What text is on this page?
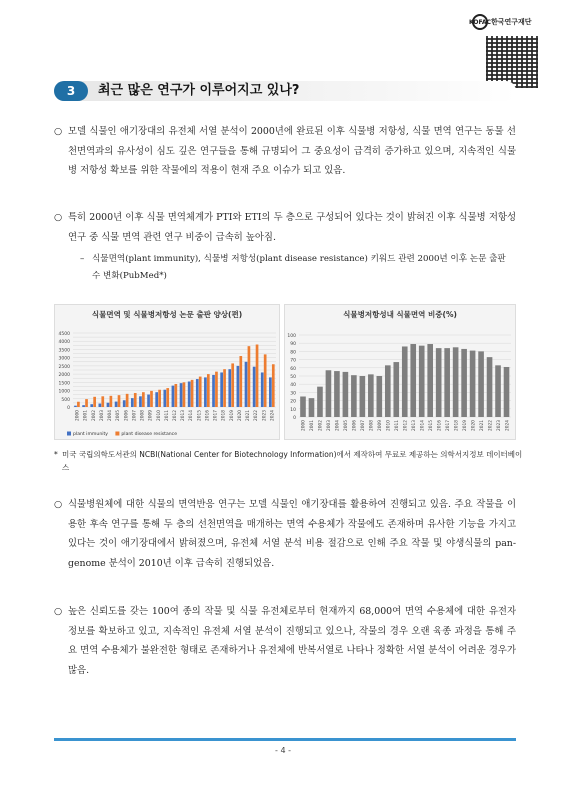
KOFAC 한국연구재단
3	최근 많은 연구가 이루어지고 있나?
○ 모델 식물인 애기장대의 유전체 서열 분석이 2000년에 완료된 이후 식물병 저항성, 식물 면역 연구는 동물 선천면역과의 유사성이 심도 깊은 연구들을 통해 규명되어 그 중요성이 급격히 증가하고 있으며, 지속적인 식물병 저항성 확보를 위한 작물에의 적용이 현재 주요 이슈가 되고 있음.
○ 특히 2000년 이후 식물 면역체계가 PTI와 ETI의 두 층으로 구성되어 있다는 것이 밝혀진 이후 식물병 저항성 연구 중 식물 면역 관련 연구 비중이 급속히 높아짐.
– 식물면역(plant immunity), 식물병 저항성(plant disease resistance) 키워드 관련 2000년 이후 논문 출판 수 변화(PubMed*)
식물면역 및 식물병저항성 논문 출판 양상(편)
0
500
1000
1500
2000
2500
3000
3500
4000
4500
2000 2001 2002 2003 2004 2005 2006 2007 2008 2009 2010 2011 2012 2013 2014 2015 2016 2017 2018 2019 2020 2021 2022 2023 2024
plant immunity	plant disease resistance
식물병저항성내 식물면역 비중(%)
0
10
20
30
40
50
60
70
80
90
100
2000 2001 2002 2003 2004 2005 2006 2007 2008 2009 2010 2011 2012 2013 2014 2015 2016 2017 2018 2019 2020 2021 2022 2023 2024
* 미국 국립의학도서관의 NCBI(National Center for Biotechnology Information)에서 제작하여 무료로 제공하는 의학서지정보 데이터베이스
○ 식물병원체에 대한 식물의 면역반응 연구는 모델 식물인 애기장대를 활용하여 진행되고 있음. 주요 작물을 이용한 후속 연구를 통해 두 층의 선천면역을 매개하는 면역 수용체가 작물에도 존재하며 유사한 기능을 가지고 있다는 것이 애기장대에서 밝혀졌으며, 유전체 서열 분석 비용 절감으로 인해 주요 작물 및 야생식물의 pan-genome 분석이 2010년 이후 급속히 진행되었음.
○ 높은 신뢰도를 갖는 100여 종의 작물 및 식물 유전체로부터 현재까지 68,000여 면역 수용체에 대한 유전자 정보를 확보하고 있고, 지속적인 유전체 서열 분석이 진행되고 있으나, 작물의 경우 오랜 육종 과정을 통해 주요 면역 수용체가 불완전한 형태로 존재하거나 유전체에 반복서열로 나타나 정확한 서열 분석이 어려운 경우가 많음.
- 4 -
